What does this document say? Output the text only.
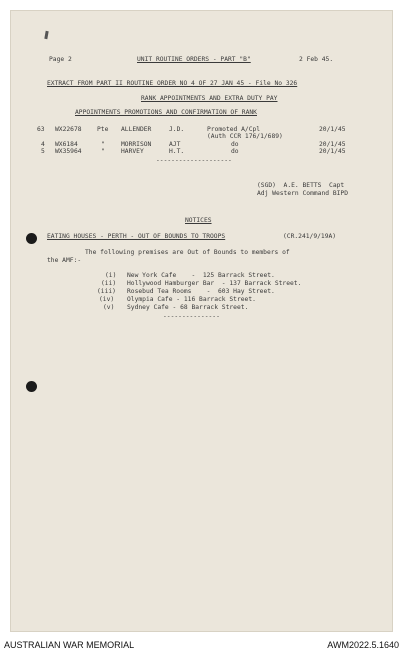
Page 2	UNIT ROUTINE ORDERS - PART "B"	2 Feb 45.
EXTRACT FROM PART II ROUTINE ORDER NO 4 OF 27 JAN 45 - File No 326
RANK APPOINTMENTS AND EXTRA DUTY PAY
APPOINTMENTS PROMOTIONS AND CONFIRMATION OF RANK
63 WX22678 Pte ALLENDER	J.D.	Promoted A/Cpl	20/1/45
(Auth CCR 176/1/689)
4 WX6184	"	MORRISON	AJT	do	20/1/45
5 WX35964	"	HARVEY	H.T.	do	20/1/45
--------------------
(SGD)  A.E. BETTS  Capt
Adj Western Command BIPD
NOTICES
EATING HOUSES - PERTH - OUT OF BOUNDS TO TROOPS	(CR.241/9/19A)
The following premises are Out of Bounds to members of
the AMF:-
(i) New York Cafe    -  125 Barrack Street.
(ii) Hollywood Hamburger Bar  - 137 Barrack Street.
(iii) Rosebud Tea Rooms    -  603 Hay Street.
(iv) Olympia Cafe - 116 Barrack Street.
(v) Sydney Cafe - 68 Barrack Street.
---------------
AUSTRALIAN WAR MEMORIAL	AWM2022.5.1640
